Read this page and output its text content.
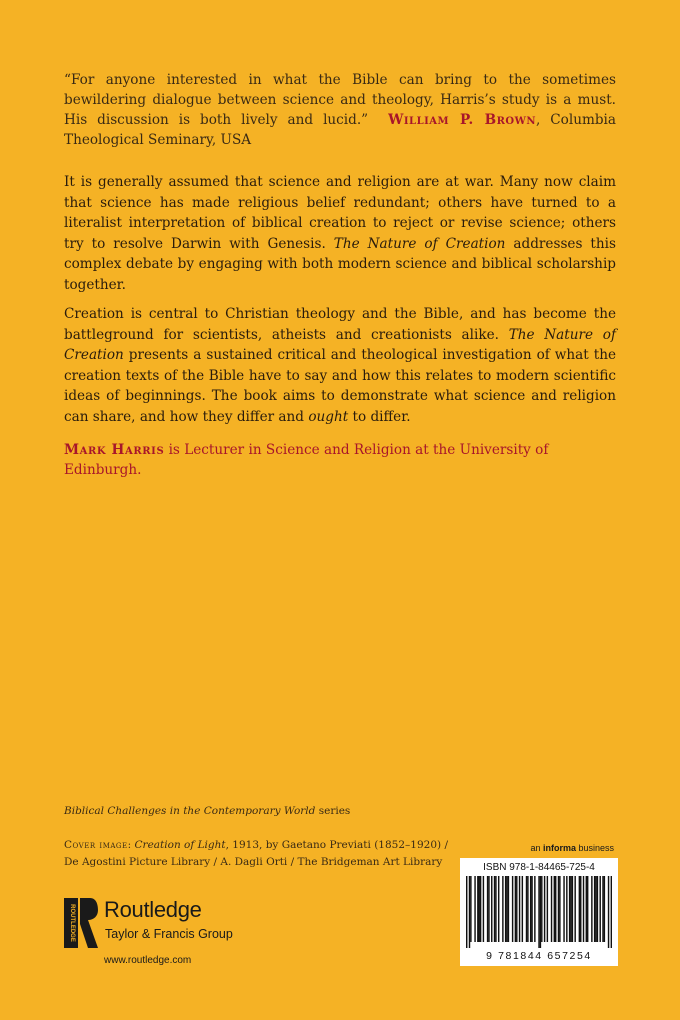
“For anyone interested in what the Bible can bring to the sometimes bewildering dialogue between science and theology, Harris’s study is a must. His discussion is both lively and lucid.” William P. Brown, Columbia Theological Seminary, USA

It is generally assumed that science and religion are at war. Many now claim that science has made religious belief redundant; others have turned to a literalist interpretation of biblical creation to reject or revise science; others try to resolve Darwin with Genesis. The Nature of Creation addresses this complex debate by engaging with both modern science and biblical scholarship together.

Creation is central to Christian theology and the Bible, and has become the battleground for scientists, atheists and creationists alike. The Nature of Creation presents a sustained critical and theological investigation of what the creation texts of the Bible have to say and how this relates to modern scientific ideas of beginnings. The book aims to demonstrate what science and religion can share, and how they differ and ought to differ.

Mark Harris is Lecturer in Science and Religion at the University of Edinburgh.
Biblical Challenges in the Contemporary World series
Cover image: Creation of Light, 1913, by Gaetano Previati (1852–1920) /
De Agostini Picture Library / A. Dagli Orti / The Bridgeman Art Library
an informa business
ISBN 978-1-84465-725-4
9 781844 657254
ROUTLEDGE Routledge
Taylor & Francis Group
www.routledge.com
